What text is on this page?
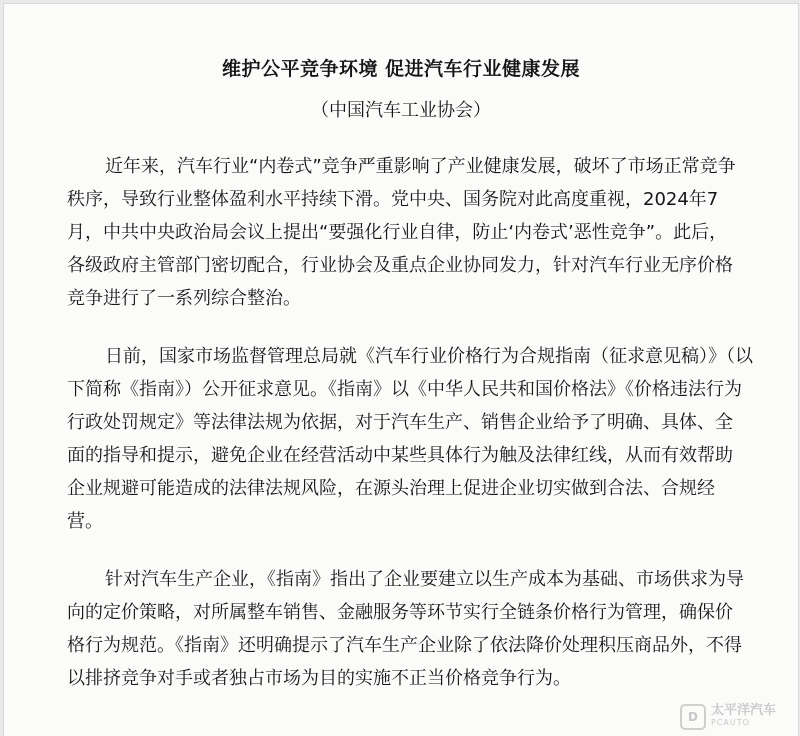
维护公平竞争环境 促进汽车行业健康发展
（中国汽车工业协会）
近年来，汽车行业“内卷式”竞争严重影响了产业健康发展，破坏了市场正常竞争
秩序，导致行业整体盈利水平持续下滑。党中央、国务院对此高度重视，2024年7
月，中共中央政治局会议上提出“要强化行业自律，防止‘内卷式’恶性竞争”。此后，
各级政府主管部门密切配合，行业协会及重点企业协同发力，针对汽车行业无序价格
竞争进行了一系列综合整治。
日前，国家市场监督管理总局就《汽车行业价格行为合规指南（征求意见稿）》（以
下简称《指南》）公开征求意见。《指南》以《中华人民共和国价格法》《价格违法行为
行政处罚规定》等法律法规为依据，对于汽车生产、销售企业给予了明确、具体、全
面的指导和提示，避免企业在经营活动中某些具体行为触及法律红线，从而有效帮助
企业规避可能造成的法律法规风险，在源头治理上促进企业切实做到合法、合规经
营。
针对汽车生产企业，《指南》指出了企业要建立以生产成本为基础、市场供求为导
向的定价策略，对所属整车销售、金融服务等环节实行全链条价格行为管理，确保价
格行为规范。《指南》还明确提示了汽车生产企业除了依法降价处理积压商品外，不得
以排挤竞争对手或者独占市场为目的实施不正当价格竞争行为。
D	太平洋汽车
PCAUTO
